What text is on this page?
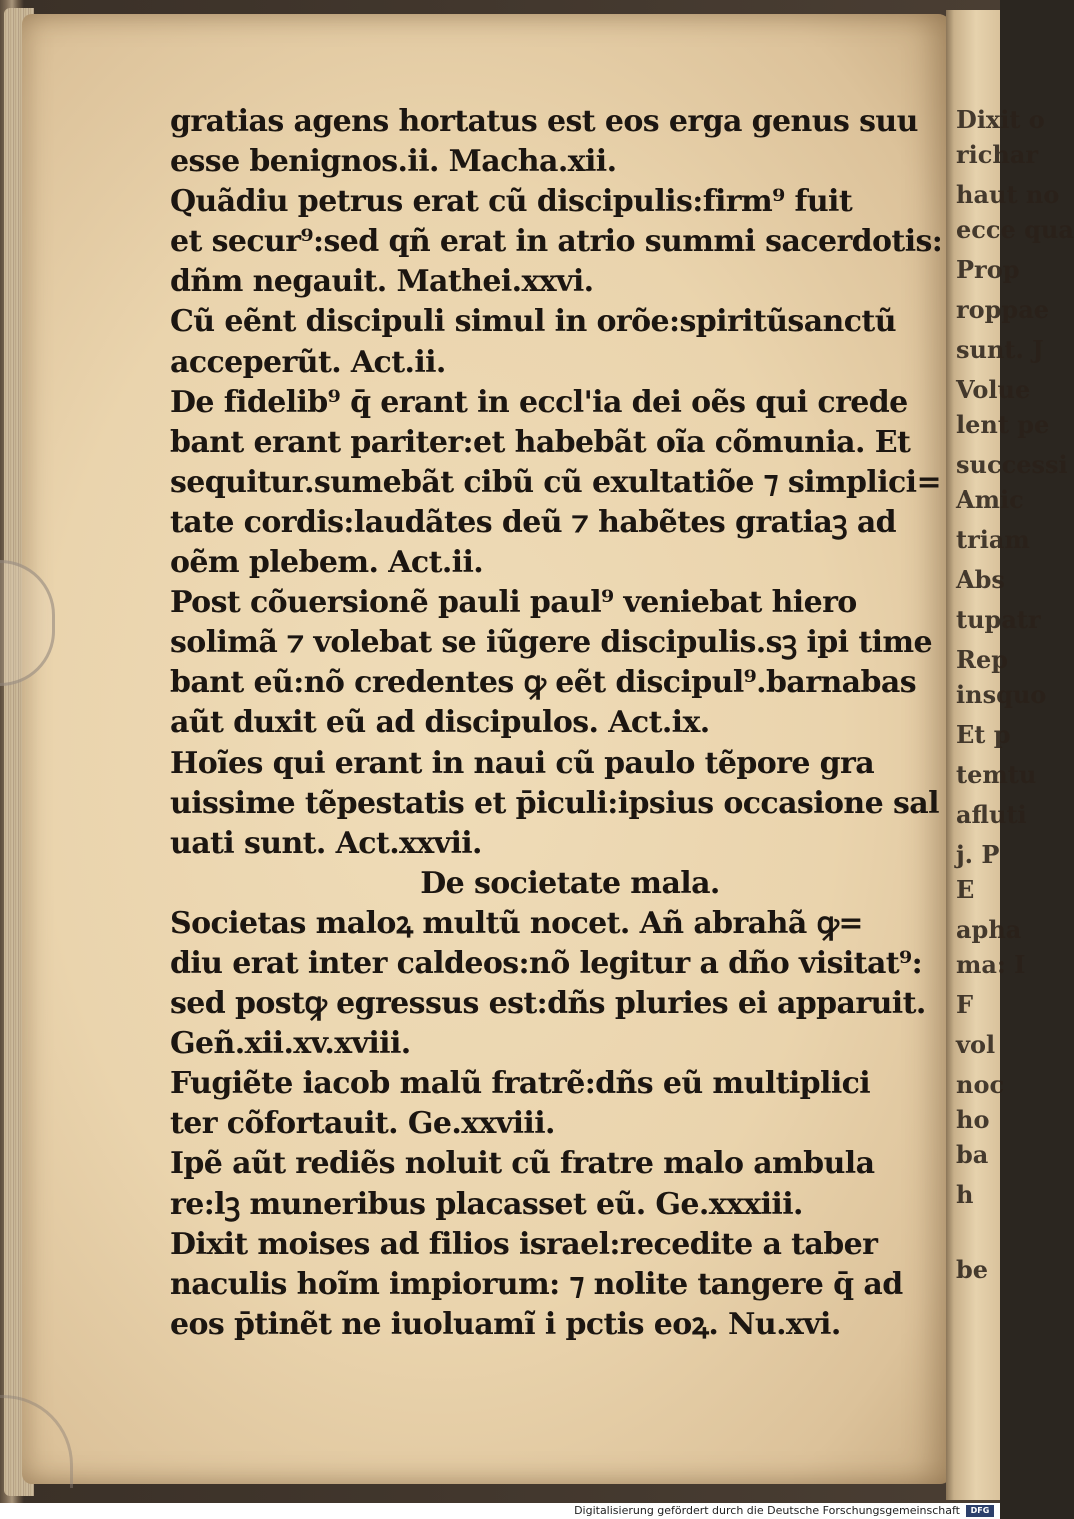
Dixit o
richar
haut no
ecce qua
Prop
roppae
sunt. J
Volue
lent pe
successi
Amic
triam
Abs
tupatr
Rep
insquo
Et p
temtu
afluti
j. P
E
apha
ma: I
F
vol
noc
ho
ba
h
be
gratias agens hortatus est eos erga genus suu
esse benignos.ii. Macha.xii.
Quãdiu petrus erat cũ discipulis:firm⁹ fuit
et secur⁹:sed qñ erat in atrio summi sacerdotis:
dñm negauit. Mathei.xxvi.
Cũ eẽnt discipuli simul in orõe:spiritũsanctũ
acceperũt. Act.ii.
De fidelib⁹ q̄ erant in eccl'ia dei oẽs qui crede
bant erant pariter:et habebãt oĩa cõmunia. Et
sequitur.sumebãt cibũ cũ exultatiõe ⁊ simplici=
tate cordis:laudãtes deũ ⁊ habẽtes gratiaꝫ ad
oẽm plebem. Act.ii.
Post cõuersionẽ pauli paul⁹ veniebat hiero
solimã ⁊ volebat se iũgere discipulis.sꝫ ipi time
bant eũ:nõ credentes ꝙ eẽt discipul⁹.barnabas
aũt duxit eũ ad discipulos. Act.ix.
Hoĩes qui erant in naui cũ paulo tẽpore gra
uissime tẽpestatis et p̄iculi:ipsius occasione sal
uati sunt. Act.xxvii.
De societate mala.
Societas maloꝝ multũ nocet. Añ abrahã ꝙ=
diu erat inter caldeos:nõ legitur a dño visitat⁹:
sed postꝙ egressus est:dñs pluries ei apparuit.
Geñ.xii.xv.xviii.
Fugiẽte iacob malũ fratrẽ:dñs eũ multiplici
ter cõfortauit. Ge.xxviii.
Ipẽ aũt rediẽs noluit cũ fratre malo ambula
re:lꝫ muneribus placasset eũ. Ge.xxxiii.
Dixit moises ad filios israel:recedite a taber
naculis hoĩm impiorum: ⁊ nolite tangere q̄ ad
eos p̄tinẽt ne iuoluamĩ i pctis eoꝝ. Nu.xvi.
Digitalisierung gefördert durch die Deutsche Forschungsgemeinschaft	DFG
